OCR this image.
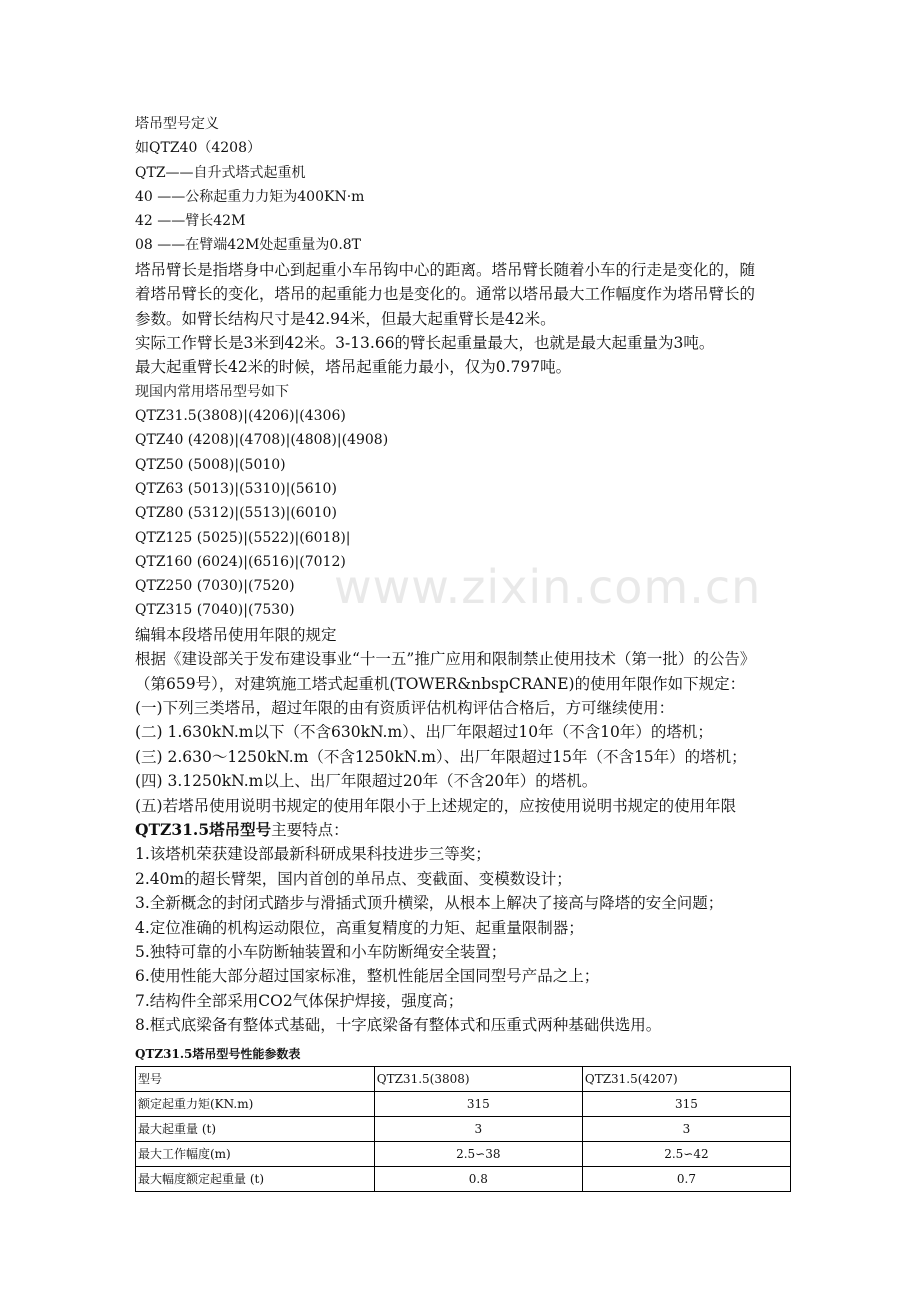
www.zixin.com.cn
塔吊型号定义
如QTZ40（4208）
QTZ——自升式塔式起重机
40 ——公称起重力力矩为400KN·m
42 ——臂长42M
08 ——在臂端42M处起重量为0.8T
塔吊臂长是指塔身中心到起重小车吊钩中心的距离。塔吊臂长随着小车的行走是变化的，随
着塔吊臂长的变化，塔吊的起重能力也是变化的。通常以塔吊最大工作幅度作为塔吊臂长的
参数。如臂长结构尺寸是42.94米，但最大起重臂长是42米。
实际工作臂长是3米到42米。3-13.66的臂长起重量最大，也就是最大起重量为3吨。
最大起重臂长42米的时候，塔吊起重能力最小，仅为0.797吨。
现国内常用塔吊型号如下
QTZ31.5(3808)|(4206)|(4306)
QTZ40 (4208)|(4708)|(4808)|(4908)
QTZ50 (5008)|(5010)
QTZ63 (5013)|(5310)|(5610)
QTZ80 (5312)|(5513)|(6010)
QTZ125 (5025)|(5522)|(6018)|
QTZ160 (6024)|(6516)|(7012)
QTZ250 (7030)|(7520)
QTZ315 (7040)|(7530)
编辑本段塔吊使用年限的规定
根据《建设部关于发布建设事业“十一五”推广应用和限制禁止使用技术（第一批）的公告》
（第659号），对建筑施工塔式起重机(TOWER&nbspCRANE)的使用年限作如下规定：
(一)下列三类塔吊，超过年限的由有资质评估机构评估合格后，方可继续使用：
(二) 1.630kN.m以下（不含630kN.m）、出厂年限超过10年（不含10年）的塔机；
(三) 2.630～1250kN.m（不含1250kN.m）、出厂年限超过15年（不含15年）的塔机；
(四) 3.1250kN.m以上、出厂年限超过20年（不含20年）的塔机。
(五)若塔吊使用说明书规定的使用年限小于上述规定的，应按使用说明书规定的使用年限
QTZ31.5塔吊型号主要特点：
1.该塔机荣获建设部最新科研成果科技进步三等奖；
2.40m的超长臂架，国内首创的单吊点、变截面、变模数设计；
3.全新概念的封闭式踏步与滑插式顶升横梁，从根本上解决了接高与降塔的安全问题；
4.定位准确的机构运动限位，高重复精度的力矩、起重量限制器；
5.独特可靠的小车防断轴装置和小车防断绳安全装置；
6.使用性能大部分超过国家标准，整机性能居全国同型号产品之上；
7.结构件全部采用CO2气体保护焊接，强度高；
8.框式底梁备有整体式基础，十字底梁备有整体式和压重式两种基础供选用。
QTZ31.5塔吊型号性能参数表
型号	QTZ31.5(3808)	QTZ31.5(4207)
额定起重力矩(KN.m)	315	315
最大起重量 (t)	3	3
最大工作幅度(m)	2.5∽38	2.5∽42
最大幅度额定起重量 (t)	0.8	0.7
